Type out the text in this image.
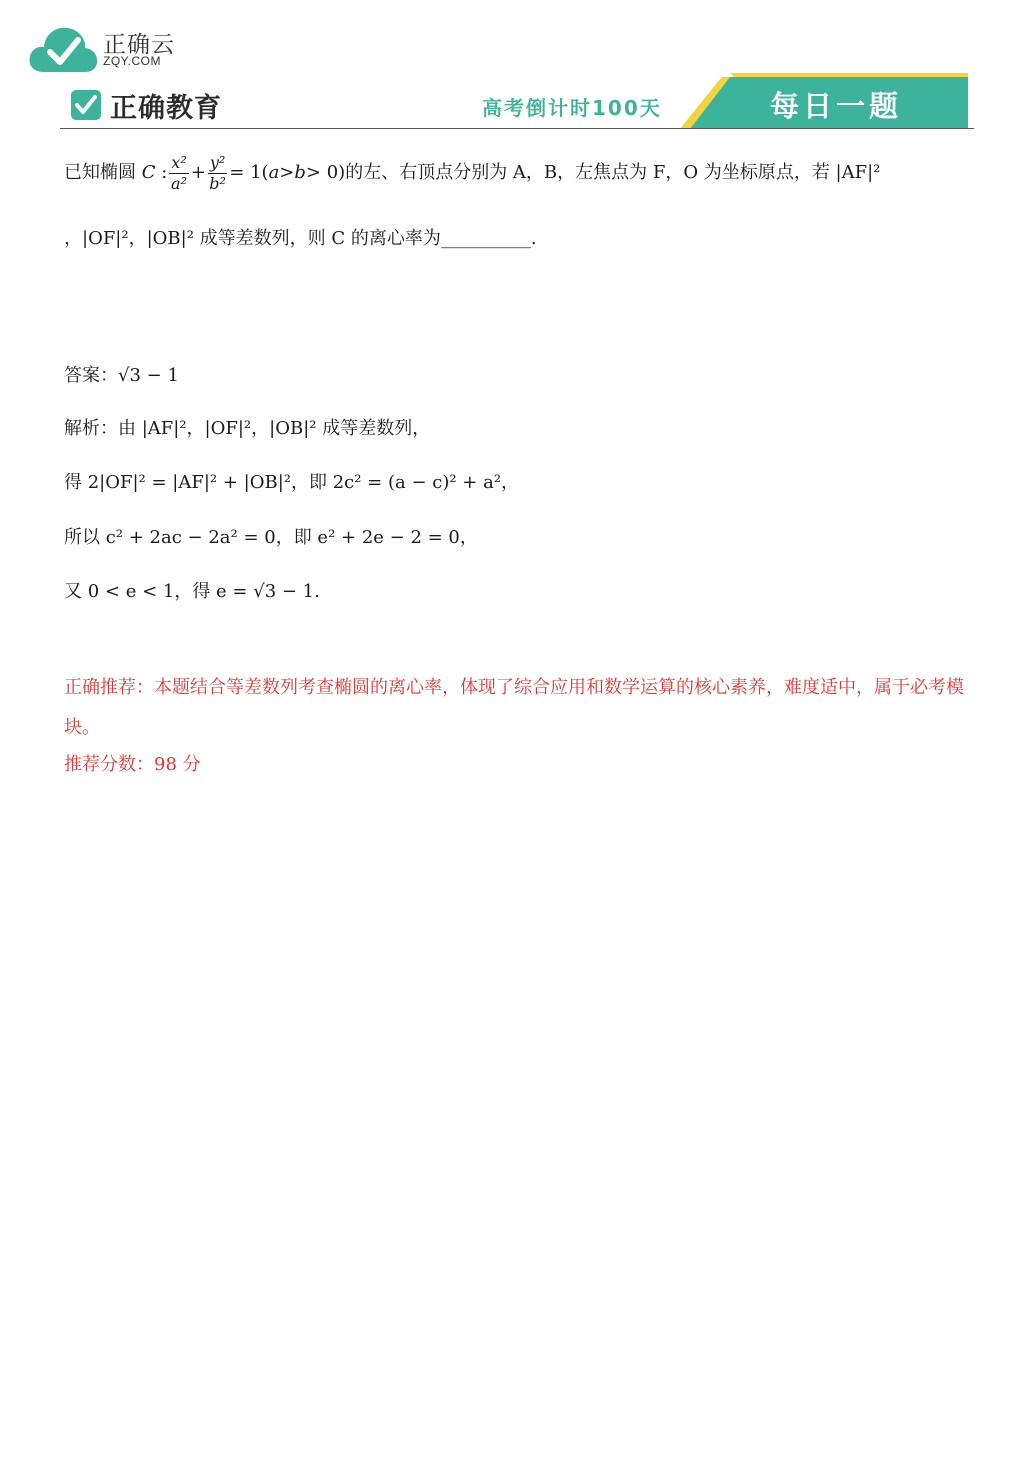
正确云
ZQY.COM
正确教育	高考倒计时100天	每日一题
已知椭圆 C : $\frac{\text{x²}}{\text{a²}} + \frac{\text{y²}}{\text{b²}} = 1$( a > b > 0) 的左、右顶点分别为 A，B，左焦点为 F，O 为坐标原点，若 |AF|²
，|OF|²，|OB|² 成等差数列，则 C 的离心率为__________.
答案：√3 − 1
解析：由 |AF|²，|OF|²，|OB|² 成等差数列，
得 2|OF|² = |AF|² + |OB|²，即 2c² = (a − c)² + a²，
所以 c² + 2ac − 2a² = 0，即 e² + 2e − 2 = 0，
又 0 < e < 1，得 e = √3 − 1.
正确推荐：本题结合等差数列考查椭圆的离心率，体现了综合应用和数学运算的核心素养，难度适中，属于必考模块。
推荐分数：98 分
